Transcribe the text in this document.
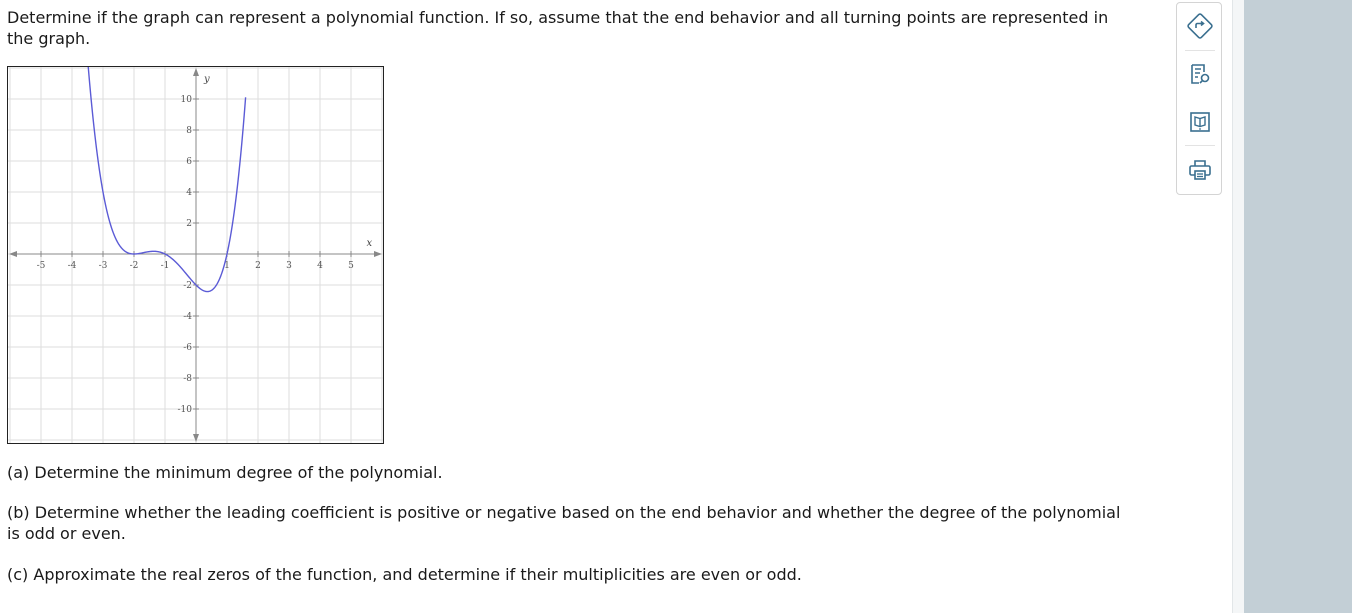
Determine if the graph can represent a polynomial function. If so, assume that the end behavior and all turning points are represented in the graph.

x
y
-5 -4 -3 -2 -1	1	2	3	4	5
10
8
6
4
2
-2
-4
-6
-8
-10

(a) Determine the minimum degree of the polynomial.

(b) Determine whether the leading coefficient is positive or negative based on the end behavior and whether the degree of the polynomial is odd or even.

(c) Approximate the real zeros of the function, and determine if their multiplicities are even or odd.
